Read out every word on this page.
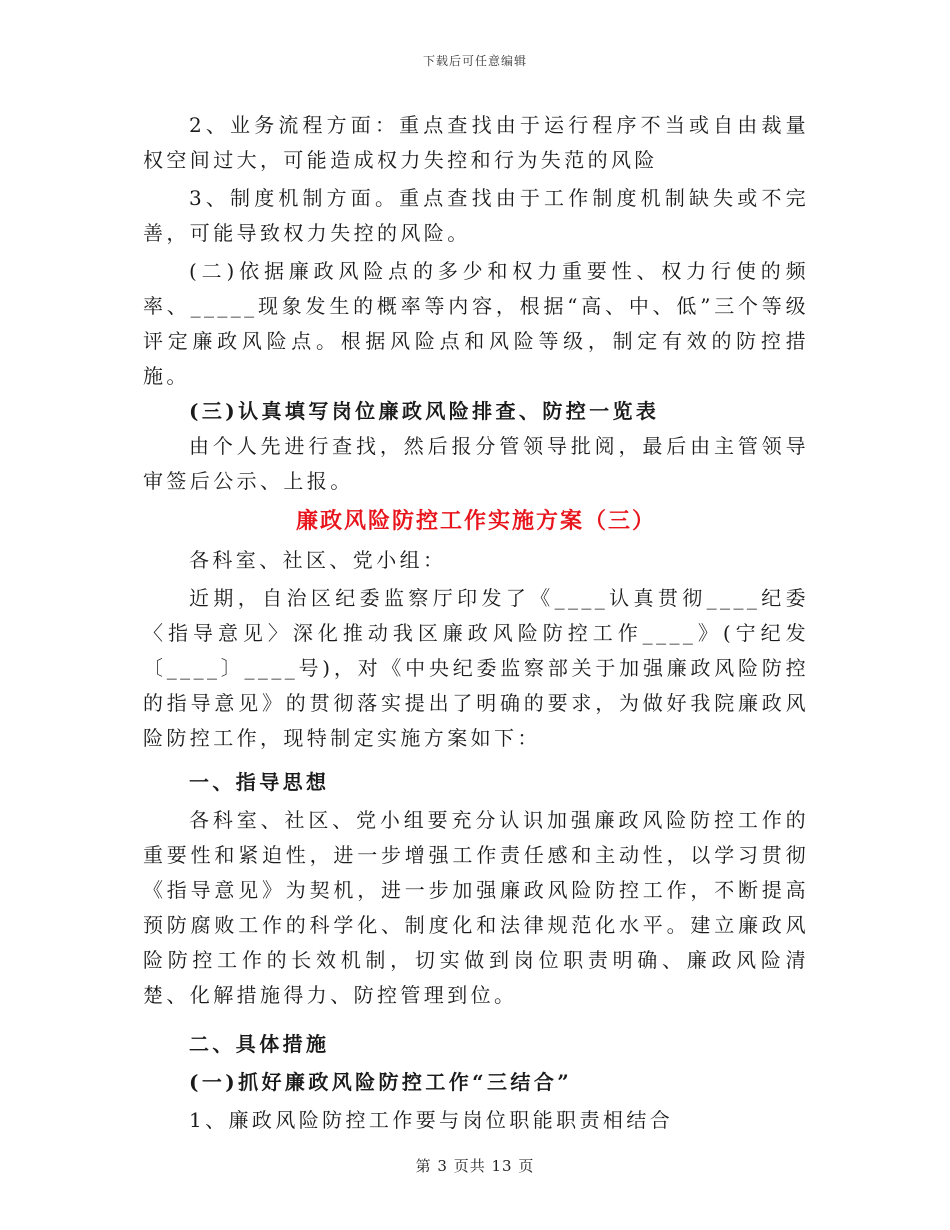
下载后可任意编辑

2、业务流程方面：重点查找由于运行程序不当或自由裁量权空间过大，可能造成权力失控和行为失范的风险

3、制度机制方面。重点查找由于工作制度机制缺失或不完善，可能导致权力失控的风险。

(二)依据廉政风险点的多少和权力重要性、权力行使的频率、_____现象发生的概率等内容，根据“高、中、低”三个等级评定廉政风险点。根据风险点和风险等级，制定有效的防控措施。

(三)认真填写岗位廉政风险排查、防控一览表

由个人先进行查找，然后报分管领导批阅，最后由主管领导审签后公示、上报。

廉政风险防控工作实施方案（三）

各科室、社区、党小组：

近期，自治区纪委监察厅印发了《____认真贯彻____纪委〈指导意见〉深化推动我区廉政风险防控工作____》(宁纪发〔____〕____号)，对《中央纪委监察部关于加强廉政风险防控的指导意见》的贯彻落实提出了明确的要求，为做好我院廉政风险防控工作，现特制定实施方案如下：

一、指导思想

各科室、社区、党小组要充分认识加强廉政风险防控工作的重要性和紧迫性，进一步增强工作责任感和主动性，以学习贯彻《指导意见》为契机，进一步加强廉政风险防控工作，不断提高预防腐败工作的科学化、制度化和法律规范化水平。建立廉政风险防控工作的长效机制，切实做到岗位职责明确、廉政风险清楚、化解措施得力、防控管理到位。

二、具体措施

(一)抓好廉政风险防控工作“三结合”

1、廉政风险防控工作要与岗位职能职责相结合

第 3 页共 13 页
